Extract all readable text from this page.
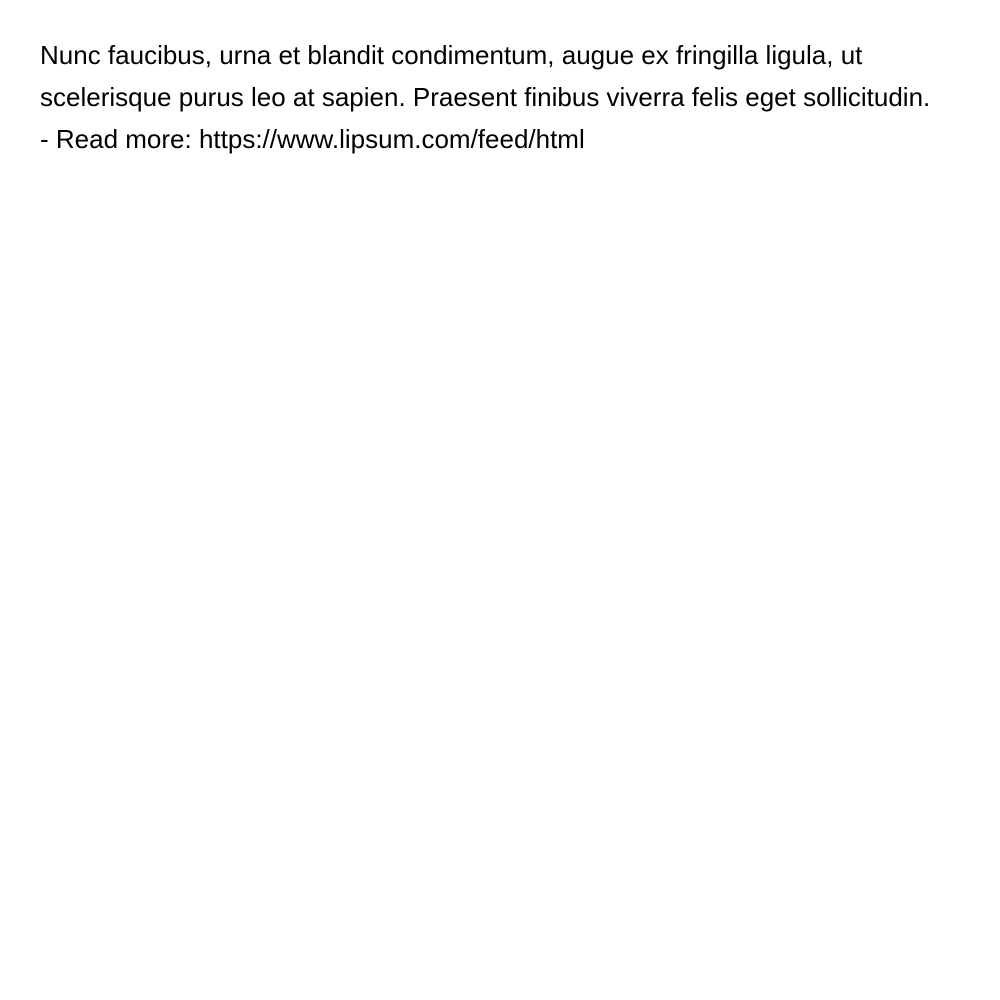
Nunc faucibus, urna et blandit condimentum, augue ex fringilla ligula, ut scelerisque purus leo at sapien. Praesent finibus viverra felis eget sollicitudin. - Read more: https://www.lipsum.com/feed/html
